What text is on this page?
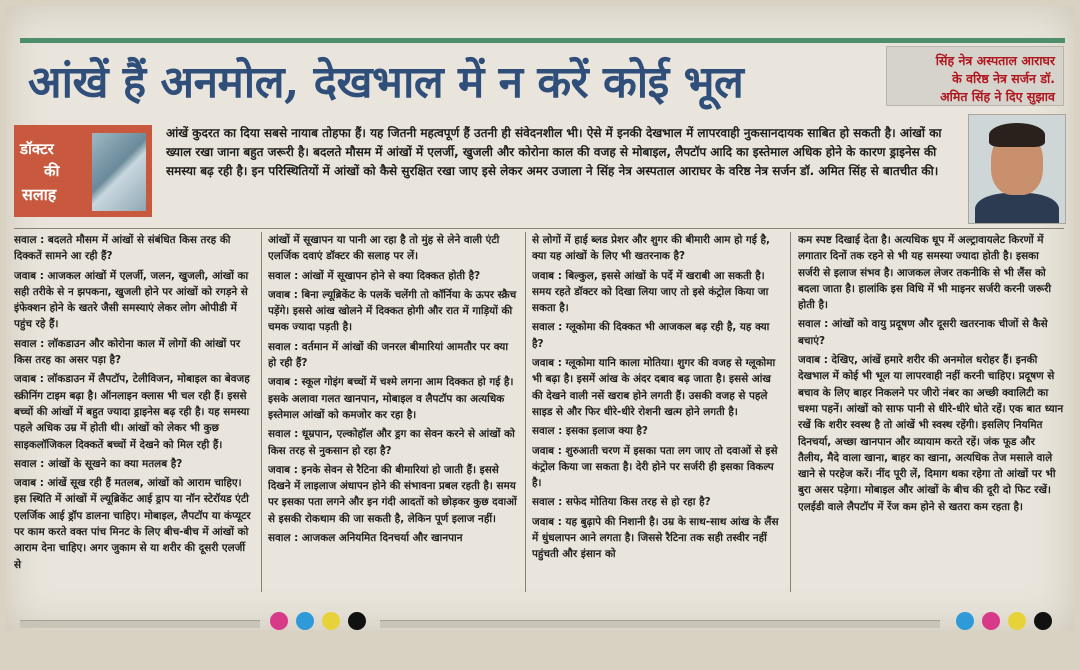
आंखें हैं अनमोल, देखभाल में न करें कोई भूल	सिंह नेत्र अस्पताल आराघर
के वरिष्ठ नेत्र सर्जन डॉ.
अमित सिंह ने दिए सुझाव
डॉक्टर
की
सलाह
आंखें कुदरत का दिया सबसे नायाब तोहफा हैं। यह जितनी महत्वपूर्ण हैं उतनी ही संवेदनशील भी। ऐसे में इनकी देखभाल में लापरवाही नुकसानदायक साबित हो सकती है। आंखों का ख्याल रखा जाना बहुत जरूरी है। बदलते मौसम में आंखों में एलर्जी, खुजली और कोरोना काल की वजह से मोबाइल, लैपटॉप आदि का इस्तेमाल अधिक होने के कारण ड्राइनेस की समस्या बढ़ रही है। इन परिस्थितियों में आंखों को कैसे सुरक्षित रखा जाए इसे लेकर अमर उजाला ने सिंह नेत्र अस्पताल आराघर के वरिष्ठ नेत्र सर्जन डॉ. अमित सिंह से बातचीत की।

सवाल : बदलते मौसम में आंखों से संबंधित किस तरह की दिक्कतें सामने आ रही हैं?

जवाब : आजकल आंखों में एलर्जी, जलन, खुजली, आंखों का सही तरीके से न झपकना, खुजली होने पर आंखों को रगड़ने से इंफेक्शन होने के खतरे जैसी समस्याएं लेकर लोग ओपीडी में पहुंच रहे हैं।

सवाल : लॉकडाउन और कोरोना काल में लोगों की आंखों पर किस तरह का असर पड़ा है?

जवाब : लॉकडाउन में लैपटॉप, टेलीविजन, मोबाइल का बेवजह स्क्रीनिंग टाइम बढ़ा है। ऑनलाइन क्लास भी चल रही हैं। इससे बच्चों की आंखों में बहुत ज्यादा ड्राइनेस बढ़ रही है। यह समस्या पहले अधिक उम्र में होती थी। आंखों को लेकर भी कुछ साइकलॉजिकल दिक्कतें बच्चों में देखने को मिल रही हैं।

सवाल : आंखों के सूखने का क्या मतलब है?

जवाब : आंखें सूख रही हैं मतलब, आंखों को आराम चाहिए। इस स्थिति में आंखों में ल्यूब्रिकेंट आई ड्राप या नॉन स्टेरॉयड एंटी एलर्जिक आई ड्रॉप डालना चाहिए। मोबाइल, लैपटॉप या कंप्यूटर पर काम करते वक्त पांच मिनट के लिए बीच-बीच में आंखों को आराम देना चाहिए। अगर जुकाम से या शरीर की दूसरी एलर्जी से

आंखों में सूखापन या पानी आ रहा है तो मुंह से लेने वाली एंटी एलर्जिक दवाएं डॉक्टर की सलाह पर लें।

सवाल : आंखों में सूखापन होने से क्या दिक्कत होती है?

जवाब : बिना ल्यूब्रिकेंट के पलकें चलेंगी तो कॉर्निया के ऊपर स्क्रैच पड़ेंगे। इससे आंख खोलने में दिक्कत होगी और रात में गाड़ियों की चमक ज्यादा पड़ती है।

सवाल : वर्तमान में आंखों की जनरल बीमारियां आमतौर पर क्या हो रही हैं?

जवाब : स्कूल गोइंग बच्चों में चश्मे लगना आम दिक्कत हो गई है। इसके अलावा गलत खानपान, मोबाइल व लैपटॉप का अत्यधिक इस्तेमाल आंखों को कमजोर कर रहा है।

सवाल : धूम्रपान, एल्कोहॉल और ड्रग का सेवन करने से आंखों को किस तरह से नुकसान हो रहा है?

जवाब : इनके सेवन से रैटिना की बीमारियां हो जाती हैं। इससे दिखने में लाइलाज अंधापन होने की संभावना प्रबल रहती है। समय पर इसका पता लगने और इन गंदी आदतों को छोड़कर कुछ दवाओं से इसकी रोकथाम की जा सकती है, लेकिन पूर्ण इलाज नहीं।

सवाल : आजकल अनियमित दिनचर्या और खानपान

से लोगों में हाई ब्लड प्रेशर और शुगर की बीमारी आम हो गई है, क्या यह आंखों के लिए भी खतरनाक है?

जवाब : बिल्कुल, इससे आंखों के पर्दे में खराबी आ सकती है। समय रहते डॉक्टर को दिखा लिया जाए तो इसे कंट्रोल किया जा सकता है।

सवाल : ग्लूकोमा की दिक्कत भी आजकल बढ़ रही है, यह क्या है?

जवाब : ग्लूकोमा यानि काला मोतिया। शुगर की वजह से ग्लूकोमा भी बढ़ा है। इसमें आंख के अंदर दबाव बढ़ जाता है। इससे आंख की देखने वाली नसें खराब होने लगती हैं। उसकी वजह से पहले साइड से और फिर धीरे-धीरे रोशनी खत्म होने लगती है।

सवाल : इसका इलाज क्या है?

जवाब : शुरुआती चरण में इसका पता लग जाए तो दवाओं से इसे कंट्रोल किया जा सकता है। देरी होने पर सर्जरी ही इसका विकल्प है।

सवाल : सफेद मोतिया किस तरह से हो रहा है?

जवाब : यह बुढ़ापे की निशानी है। उम्र के साथ-साथ आंख के लैंस में धुंधलापन आने लगता है। जिससे रैटिना तक सही तस्वीर नहीं पहुंचती और इंसान को

कम स्पष्ट दिखाई देता है। अत्यधिक धूप में अल्ट्रावायलेट किरणों में लगातार दिनों तक रहने से भी यह समस्या ज्यादा होती है। इसका सर्जरी से इलाज संभव है। आजकल लेजर तकनीकि से भी लैंस को बदला जाता है। हालांकि इस विधि में भी माइनर सर्जरी करनी जरूरी होती है।

सवाल : आंखों को वायु प्रदूषण और दूसरी खतरनाक चीजों से कैसे बचाएं?

जवाब : देखिए, आंखें हमारे शरीर की अनमोल धरोहर हैं। इनकी देखभाल में कोई भी भूल या लापरवाही नहीं करनी चाहिए। प्रदूषण से बचाव के लिए बाहर निकलने पर जीरो नंबर का अच्छी क्वालिटी का चश्मा पहनें। आंखों को साफ पानी से धीरे-धीरे धोते रहें। एक बात ध्यान रखें कि शरीर स्वस्थ है तो आंखें भी स्वस्थ रहेंगी। इसलिए नियमित दिनचर्या, अच्छा खानपान और व्यायाम करते रहें। जंक फूड और तैलीय, मैदे वाला खाना, बाहर का खाना, अत्यधिक तेज मसाले वाले खाने से परहेज करें। नींद पूरी लें, दिमाग थका रहेगा तो आंखों पर भी बुरा असर पड़ेगा। मोबाइल और आंखों के बीच की दूरी दो फिट रखें। एलईडी वाले लैपटॉप में रेंज कम होने से खतरा कम रहता है।
